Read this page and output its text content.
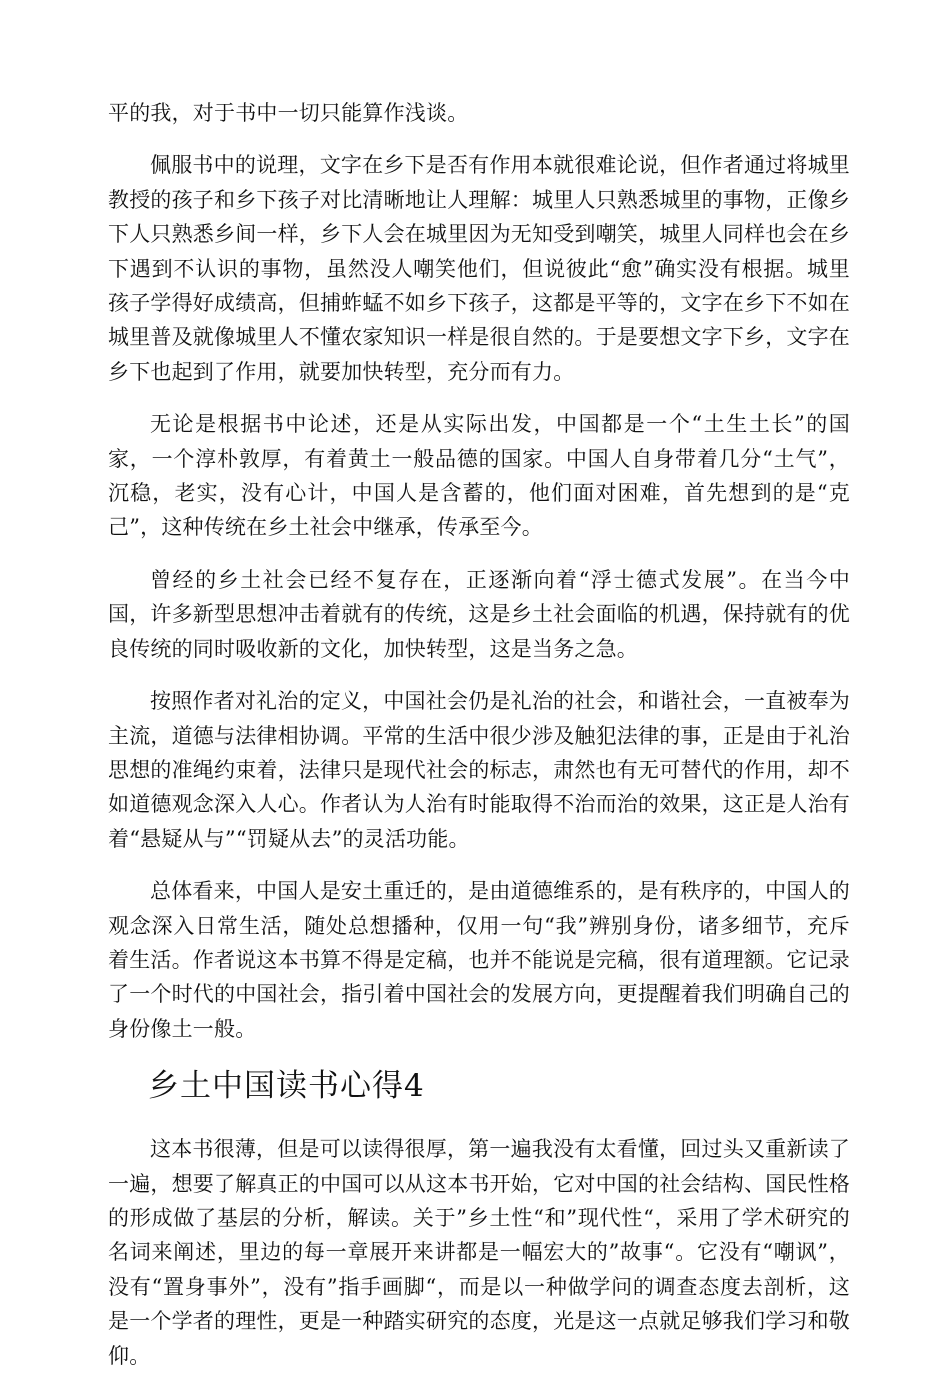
平的我，对于书中一切只能算作浅谈。

佩服书中的说理，文字在乡下是否有作用本就很难论说，但作者通过将城里教授的孩子和乡下孩子对比清晰地让人理解：城里人只熟悉城里的事物，正像乡下人只熟悉乡间一样，乡下人会在城里因为无知受到嘲笑，城里人同样也会在乡下遇到不认识的事物，虽然没人嘲笑他们，但说彼此“愈”确实没有根据。城里孩子学得好成绩高，但捕蚱蜢不如乡下孩子，这都是平等的，文字在乡下不如在城里普及就像城里人不懂农家知识一样是很自然的。于是要想文字下乡，文字在乡下也起到了作用，就要加快转型，充分而有力。

无论是根据书中论述，还是从实际出发，中国都是一个“土生土长”的国家，一个淳朴敦厚，有着黄土一般品德的国家。中国人自身带着几分“土气”，沉稳，老实，没有心计，中国人是含蓄的，他们面对困难，首先想到的是“克己”，这种传统在乡土社会中继承，传承至今。

曾经的乡土社会已经不复存在，正逐渐向着“浮士德式发展”。在当今中国，许多新型思想冲击着就有的传统，这是乡土社会面临的机遇，保持就有的优良传统的同时吸收新的文化，加快转型，这是当务之急。

按照作者对礼治的定义，中国社会仍是礼治的社会，和谐社会，一直被奉为主流，道德与法律相协调。平常的生活中很少涉及触犯法律的事，正是由于礼治思想的准绳约束着，法律只是现代社会的标志，肃然也有无可替代的作用，却不如道德观念深入人心。作者认为人治有时能取得不治而治的效果，这正是人治有着“悬疑从与”“罚疑从去”的灵活功能。

总体看来，中国人是安土重迁的，是由道德维系的，是有秩序的，中国人的观念深入日常生活，随处总想播种，仅用一句“我”辨别身份，诸多细节，充斥着生活。作者说这本书算不得是定稿，也并不能说是完稿，很有道理额。它记录了一个时代的中国社会，指引着中国社会的发展方向，更提醒着我们明确自己的身份像土一般。

乡土中国读书心得4

这本书很薄，但是可以读得很厚，第一遍我没有太看懂，回过头又重新读了一遍，想要了解真正的中国可以从这本书开始，它对中国的社会结构、国民性格的形成做了基层的分析，解读。关于”乡土性“和”现代性“，采用了学术研究的名词来阐述，里边的每一章展开来讲都是一幅宏大的”故事“。它没有“嘲讽”，没有“置身事外”，没有”指手画脚“，而是以一种做学问的调查态度去剖析，这是一个学者的理性，更是一种踏实研究的态度，光是这一点就足够我们学习和敬仰。
